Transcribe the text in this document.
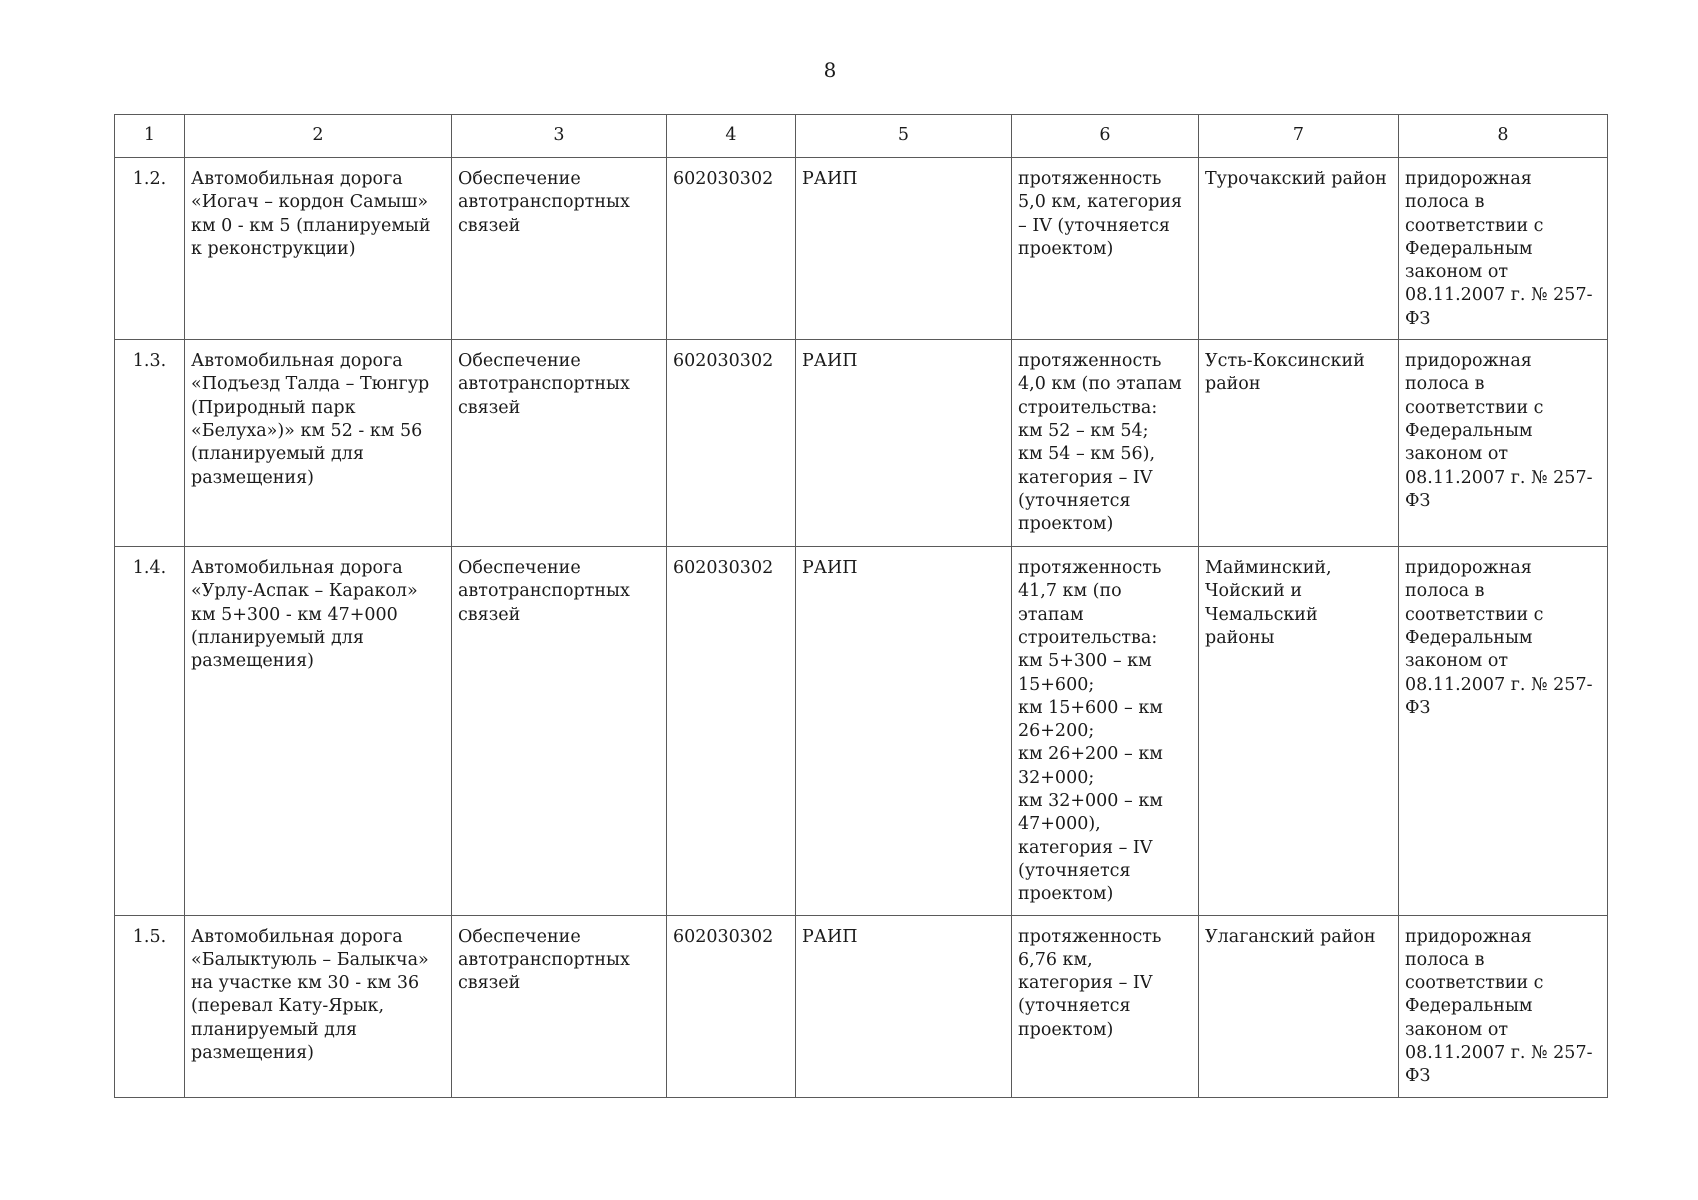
8
1	2	3	4	5	6	7	8
1.2.	Автомобильная дорога «Иогач – кордон Самыш» км 0 - км 5 (планируемый к реконструкции)	Обеспечение автотранспортных связей	602030302	РАИП	протяженность 5,0 км, категория – IV (уточняется проектом)	Турочакский район	придорожная полоса в соответствии с Федеральным законом от 08.11.2007 г. № 257-ФЗ
1.3.	Автомобильная дорога «Подъезд Талда – Тюнгур (Природный парк «Белуха»)» км 52 - км 56 (планируемый для размещения)	Обеспечение автотранспортных связей	602030302	РАИП	протяженность 4,0 км (по этапам строительства:
км 52 – км 54;
км 54 – км 56), категория – IV (уточняется проектом)	Усть-Коксинский район	придорожная полоса в соответствии с Федеральным законом от 08.11.2007 г. № 257-ФЗ
1.4.	Автомобильная дорога «Урлу-Аспак – Каракол» км 5+300 - км 47+000 (планируемый для размещения)	Обеспечение автотранспортных связей	602030302	РАИП	протяженность 41,7 км (по этапам строительства:
км 5+300 – км 15+600;
км 15+600 – км 26+200;
км 26+200 – км 32+000;
км 32+000 – км 47+000), категория – IV (уточняется проектом)	Майминский, Чойский и Чемальский районы	придорожная полоса в соответствии с Федеральным законом от 08.11.2007 г. № 257-ФЗ
1.5.	Автомобильная дорога «Балыктуюль – Балыкча» на участке км 30 - км 36 (перевал Кату-Ярык, планируемый для размещения)	Обеспечение автотранспортных связей	602030302	РАИП	протяженность 6,76 км, категория – IV (уточняется проектом)	Улаганский район	придорожная полоса в соответствии с Федеральным законом от 08.11.2007 г. № 257-ФЗ
